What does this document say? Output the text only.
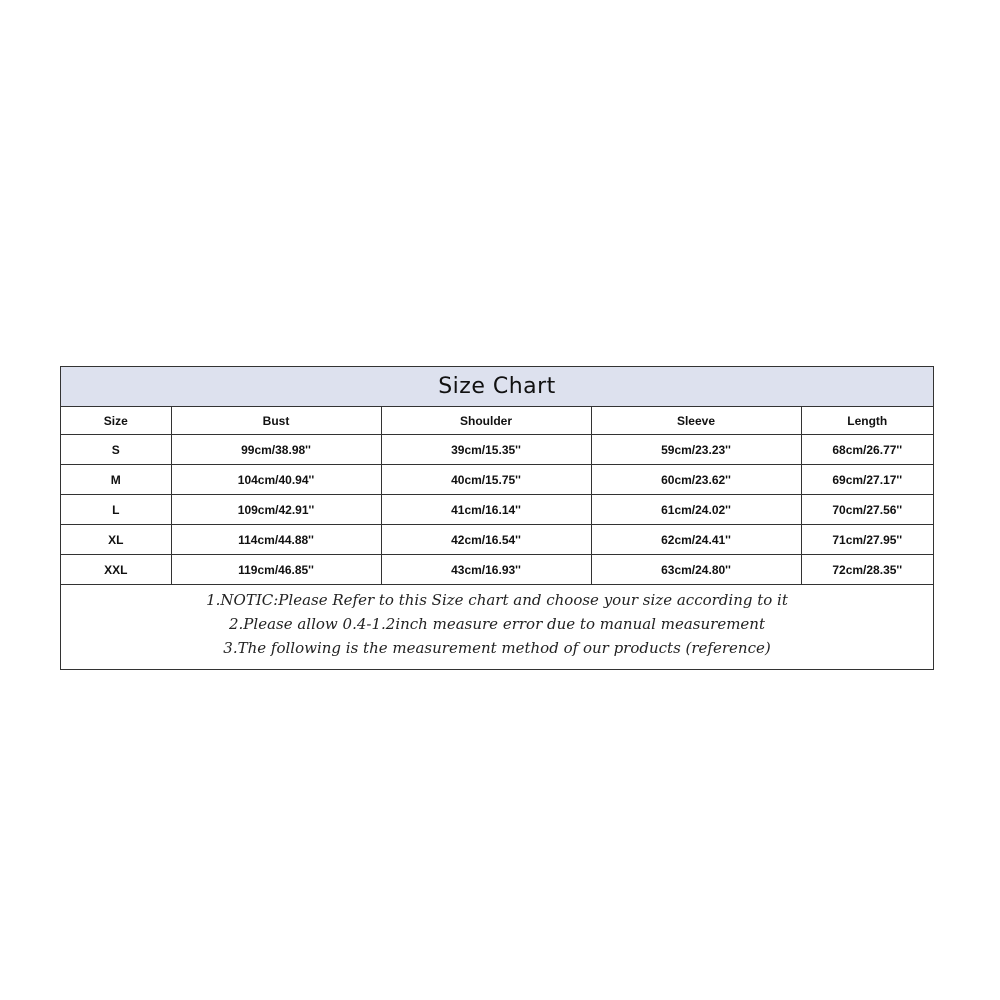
Size Chart
Size	Bust	Shoulder	Sleeve	Length
S	99cm/38.98''	39cm/15.35''	59cm/23.23''	68cm/26.77''
M	104cm/40.94''	40cm/15.75''	60cm/23.62''	69cm/27.17''
L	109cm/42.91''	41cm/16.14''	61cm/24.02''	70cm/27.56''
XL	114cm/44.88''	42cm/16.54''	62cm/24.41''	71cm/27.95''
XXL	119cm/46.85''	43cm/16.93''	63cm/24.80''	72cm/28.35''
1.NOTIC:Please Refer to this Size chart and choose your size according to it
2.Please allow 0.4-1.2inch measure error due to manual measurement
3.The following is the measurement method of our products (reference)
